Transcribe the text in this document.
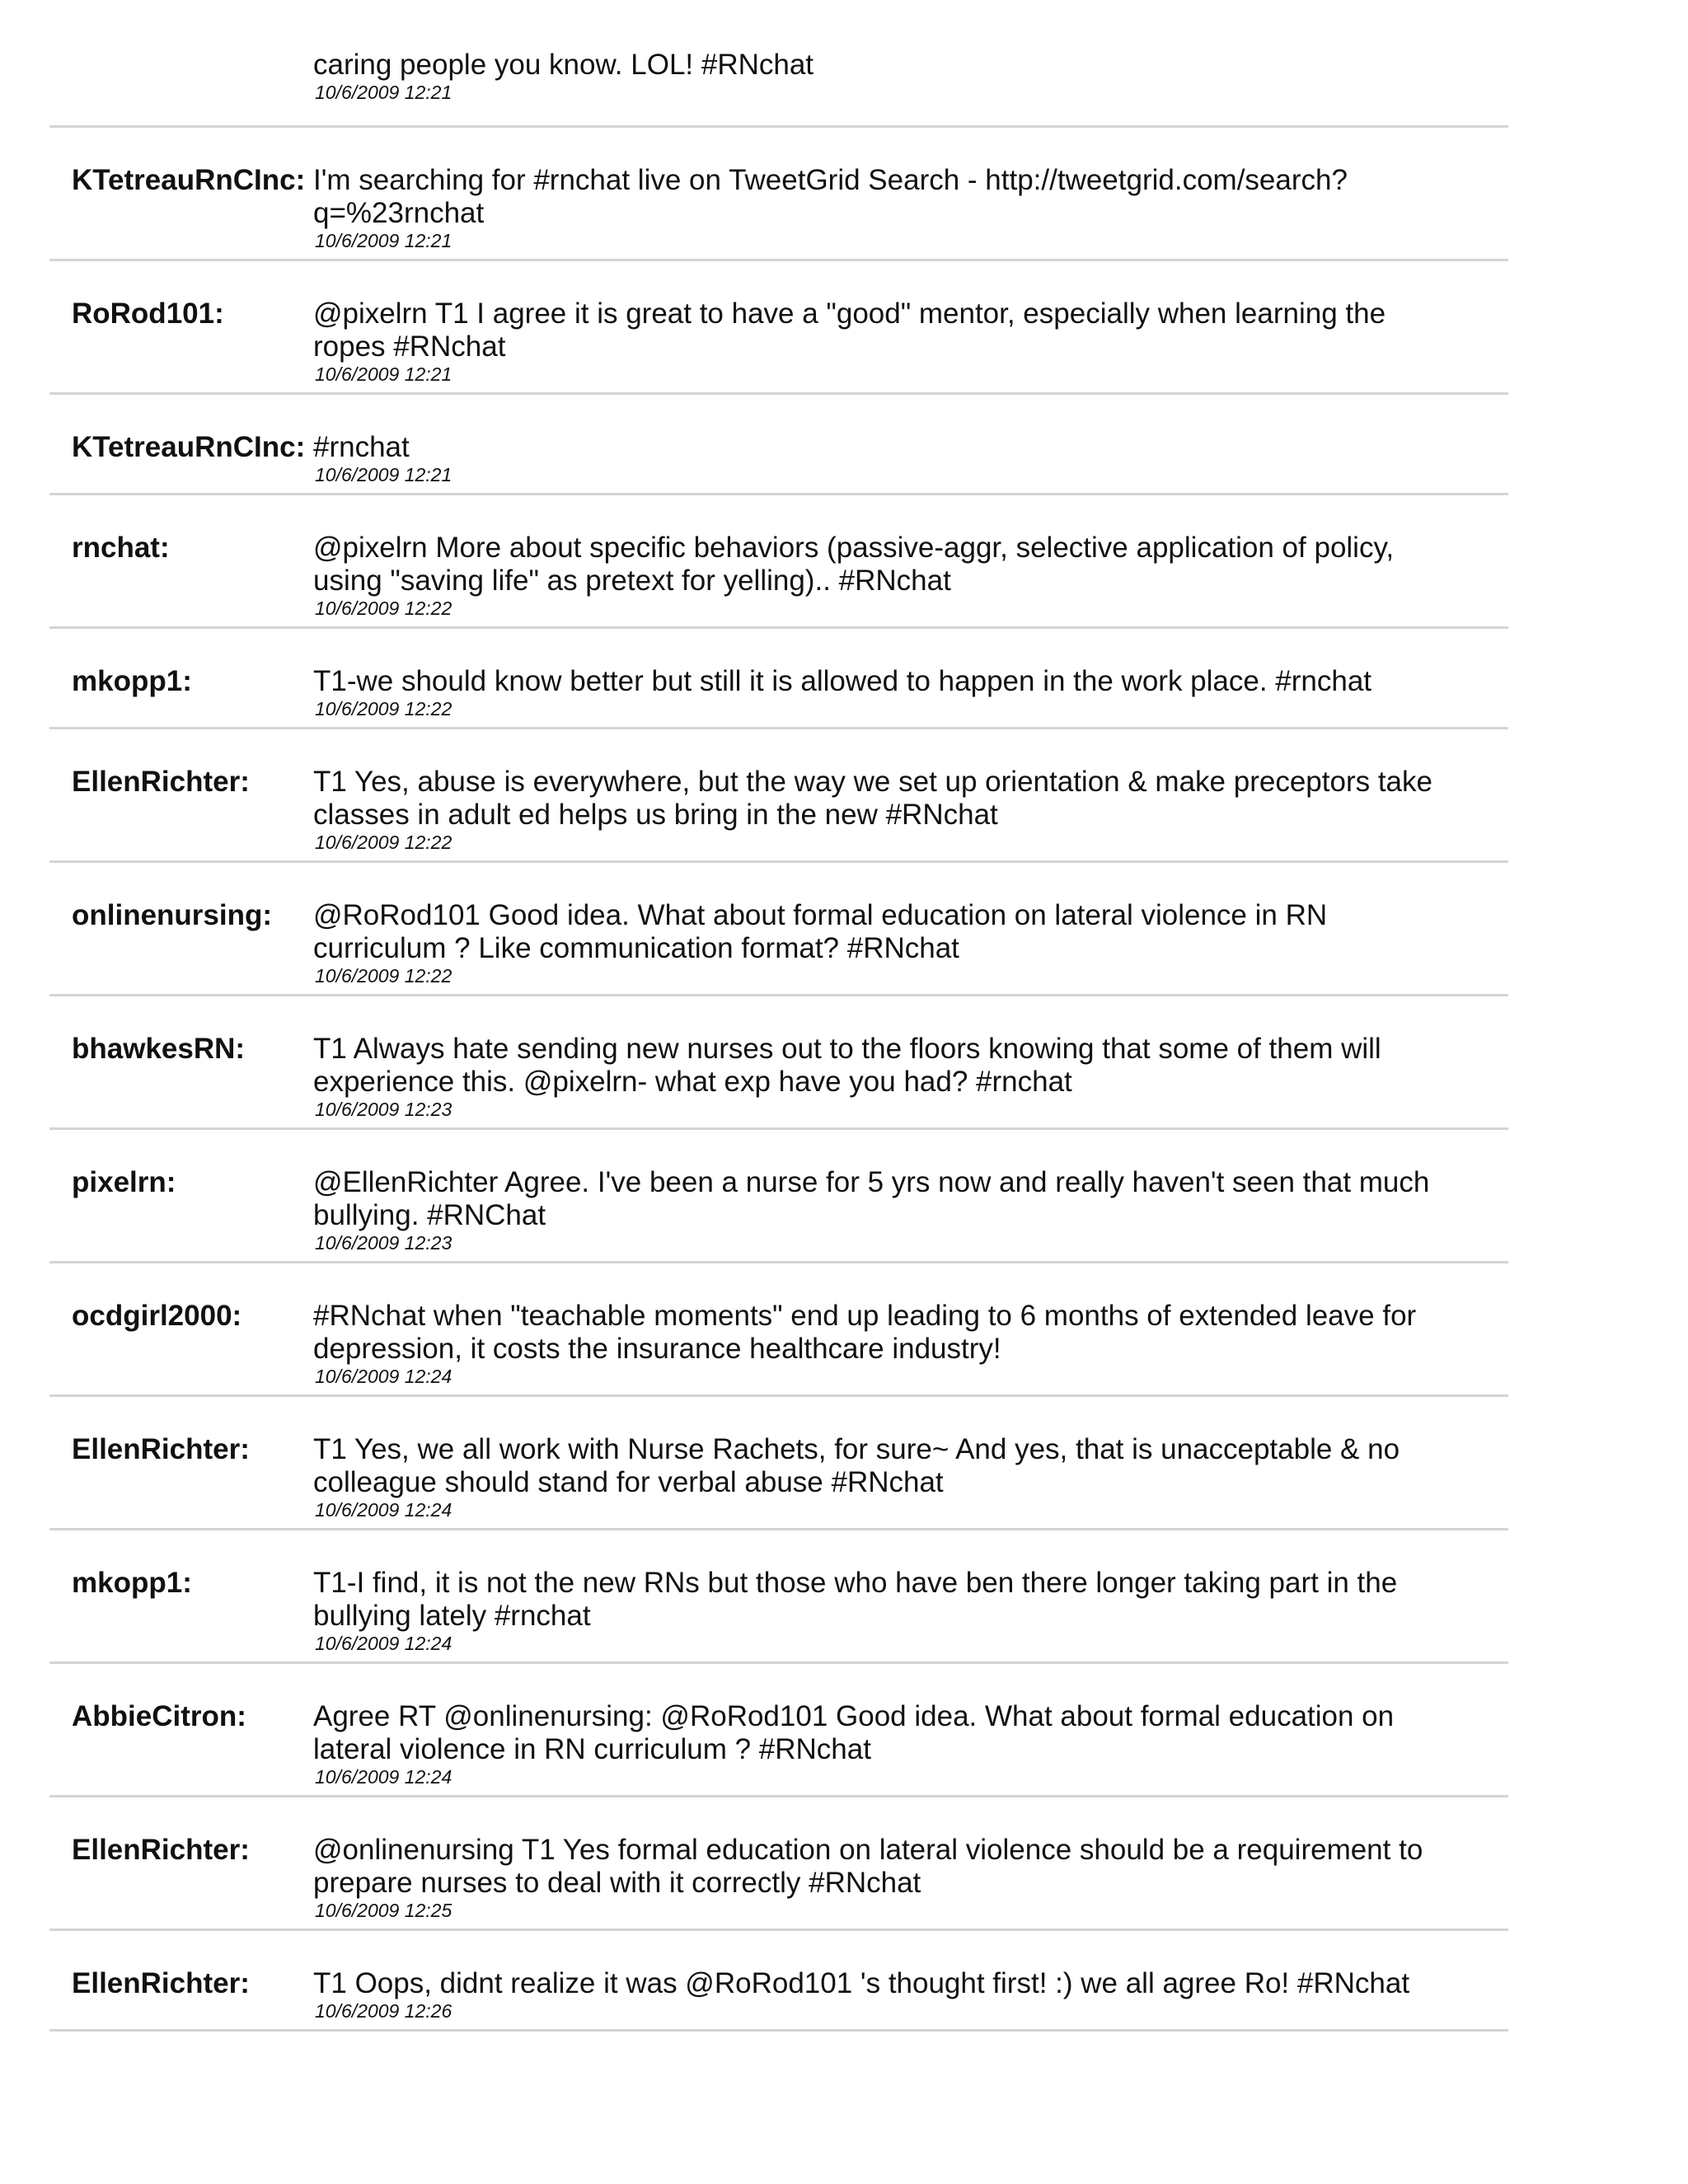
caring people you know. LOL! #RNchat
10/6/2009 12:21
KTetreauRnCInc: I'm searching for #rnchat live on TweetGrid Search - http://tweetgrid.com/search?
q=%23rnchat
10/6/2009 12:21
RoRod101:	@pixelrn T1 I agree it is great to have a "good" mentor, especially when learning the
ropes #RNchat
10/6/2009 12:21
KTetreauRnCInc: #rnchat
10/6/2009 12:21
rnchat:	@pixelrn More about specific behaviors (passive-aggr, selective application of policy,
using "saving life" as pretext for yelling).. #RNchat
10/6/2009 12:22
mkopp1:	T1-we should know better but still it is allowed to happen in the work place. #rnchat
10/6/2009 12:22
EllenRichter:	T1 Yes, abuse is everywhere, but the way we set up orientation & make preceptors take
classes in adult ed helps us bring in the new #RNchat
10/6/2009 12:22
onlinenursing:	@RoRod101 Good idea. What about formal education on lateral violence in RN
curriculum ? Like communication format? #RNchat
10/6/2009 12:22
bhawkesRN:	T1 Always hate sending new nurses out to the floors knowing that some of them will
experience this. @pixelrn- what exp have you had? #rnchat
10/6/2009 12:23
pixelrn:	@EllenRichter Agree. I've been a nurse for 5 yrs now and really haven't seen that much
bullying. #RNChat
10/6/2009 12:23
ocdgirl2000:	#RNchat when "teachable moments" end up leading to 6 months of extended leave for
depression, it costs the insurance healthcare industry!
10/6/2009 12:24
EllenRichter:	T1 Yes, we all work with Nurse Rachets, for sure~ And yes, that is unacceptable & no
colleague should stand for verbal abuse #RNchat
10/6/2009 12:24
mkopp1:	T1-I find, it is not the new RNs but those who have ben there longer taking part in the
bullying lately #rnchat
10/6/2009 12:24
AbbieCitron:	Agree RT @onlinenursing: @RoRod101 Good idea. What about formal education on
lateral violence in RN curriculum ? #RNchat
10/6/2009 12:24
EllenRichter:	@onlinenursing T1 Yes formal education on lateral violence should be a requirement to
prepare nurses to deal with it correctly #RNchat
10/6/2009 12:25
EllenRichter:	T1 Oops, didnt realize it was @RoRod101 's thought first! :) we all agree Ro! #RNchat
10/6/2009 12:26
